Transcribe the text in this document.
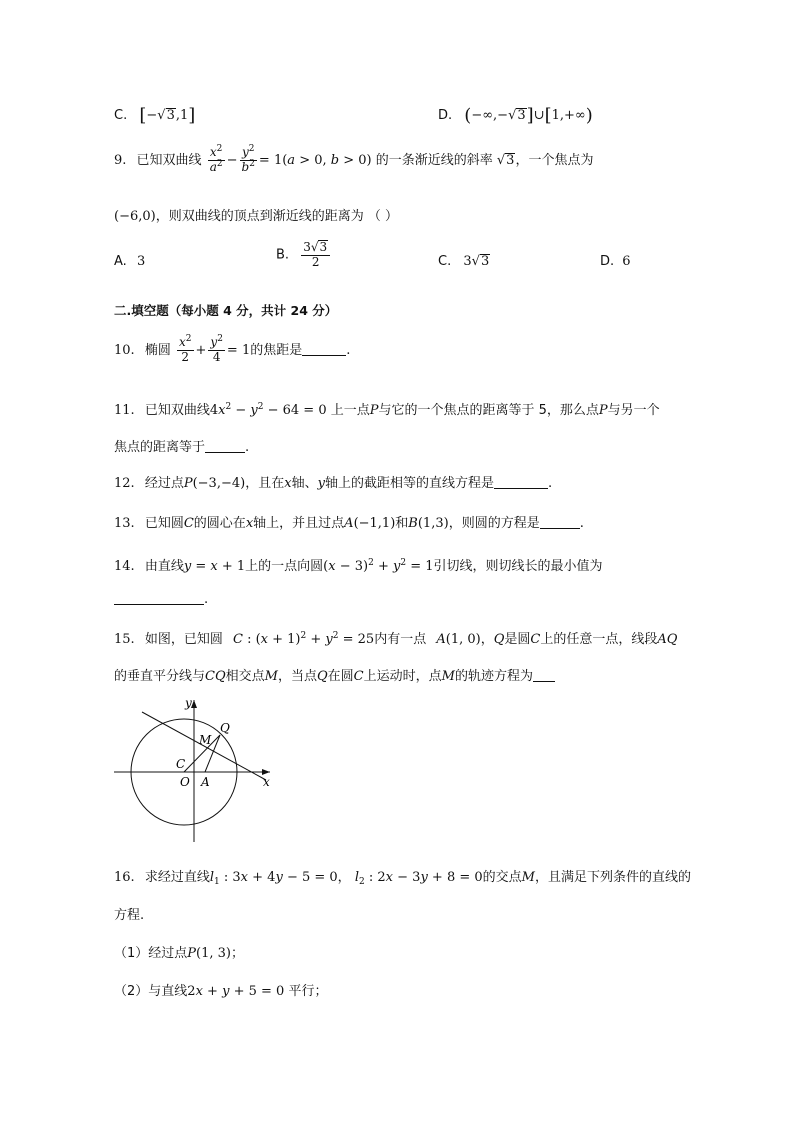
C. [−√3,1]	D. (−∞,−√3]∪[1,+∞)
9. 已知双曲线 $\frac{x^2}{a^2} - \frac{y^2}{b^2} = 1(a > 0$, b > 0) 的一条渐近线的斜率 √3，一个焦点为
(−6,0)，则双曲线的顶点到渐近线的距离为 （ ）
A. 3	B. $\frac{3√3}{2}$	C. 3√3	D. 6
二.填空题（每小题 4 分，共计 24 分）
10. 椭圆 $\frac{x^2}{2} + \frac{y^2}{4} = 1$的焦距是	.
11. 已知双曲线$4x^2 - y^2 - 64 = 0$ 上一点P与它的一个焦点的距离等于 5，那么点P与另一个
焦点的距离等于	.
12. 经过点P(−3,−4)，且在x轴、y轴上的截距相等的直线方程是	.
13. 已知圆C的圆心在x轴上，并且过点A(−1,1)和B(1,3)，则圆的方程是	.
14. 由直线y = x + 1上的一点向圆$(x - 3)^2 + y^2 = 1$引切线，则切线长的最小值为
.
15. 如图，已知圆 C : $(x + 1)^2 + y^2 = 25$内有一点 A(1, 0)，Q是圆C上的任意一点，线段AQ
的垂直平分线与CQ相交点M，当点Q在圆C上运动时，点M的轨迹方程为
y
x
Q
M
C
O A
16. 求经过直线$l_1$ : 3x + 4y − 5 = 0， $l_2$ : 2x − 3y + 8 = 0的交点M，且满足下列条件的直线的
方程.
（1）经过点P(1, 3)；
（2）与直线2x + y + 5 = 0 平行；
